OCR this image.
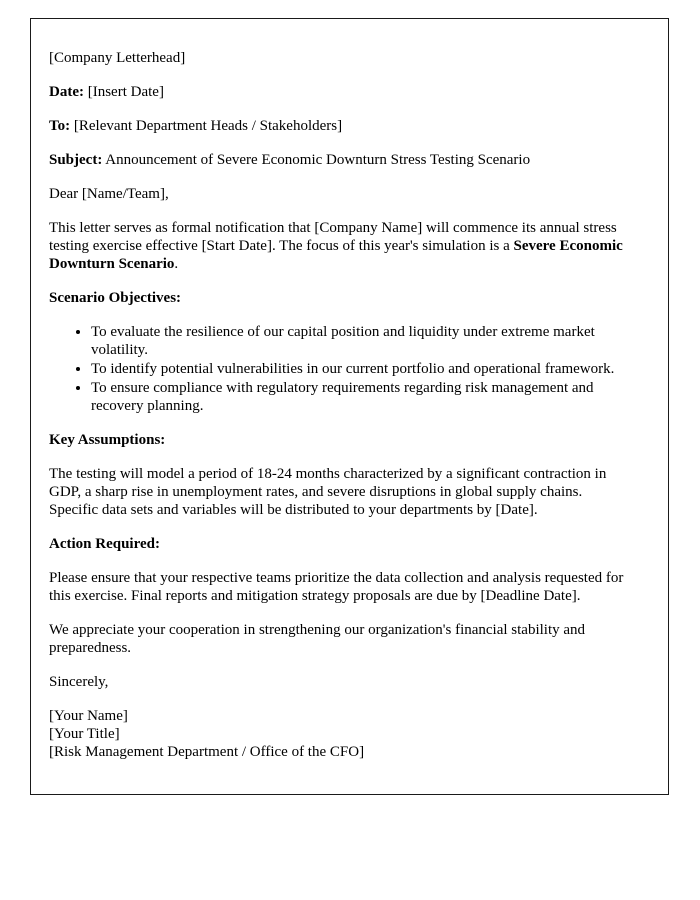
[Company Letterhead]

Date: [Insert Date]

To: [Relevant Department Heads / Stakeholders]

Subject: Announcement of Severe Economic Downturn Stress Testing Scenario

Dear [Name/Team],

This letter serves as formal notification that [Company Name] will commence its annual stress testing exercise effective [Start Date]. The focus of this year's simulation is a Severe Economic Downturn Scenario.

Scenario Objectives:

• To evaluate the resilience of our capital position and liquidity under extreme market volatility.
• To identify potential vulnerabilities in our current portfolio and operational framework.
• To ensure compliance with regulatory requirements regarding risk management and recovery planning.

Key Assumptions:

The testing will model a period of 18-24 months characterized by a significant contraction in GDP, a sharp rise in unemployment rates, and severe disruptions in global supply chains. Specific data sets and variables will be distributed to your departments by [Date].

Action Required:

Please ensure that your respective teams prioritize the data collection and analysis requested for this exercise. Final reports and mitigation strategy proposals are due by [Deadline Date].

We appreciate your cooperation in strengthening our organization's financial stability and preparedness.

Sincerely,

[Your Name]

[Your Title]

[Risk Management Department / Office of the CFO]
